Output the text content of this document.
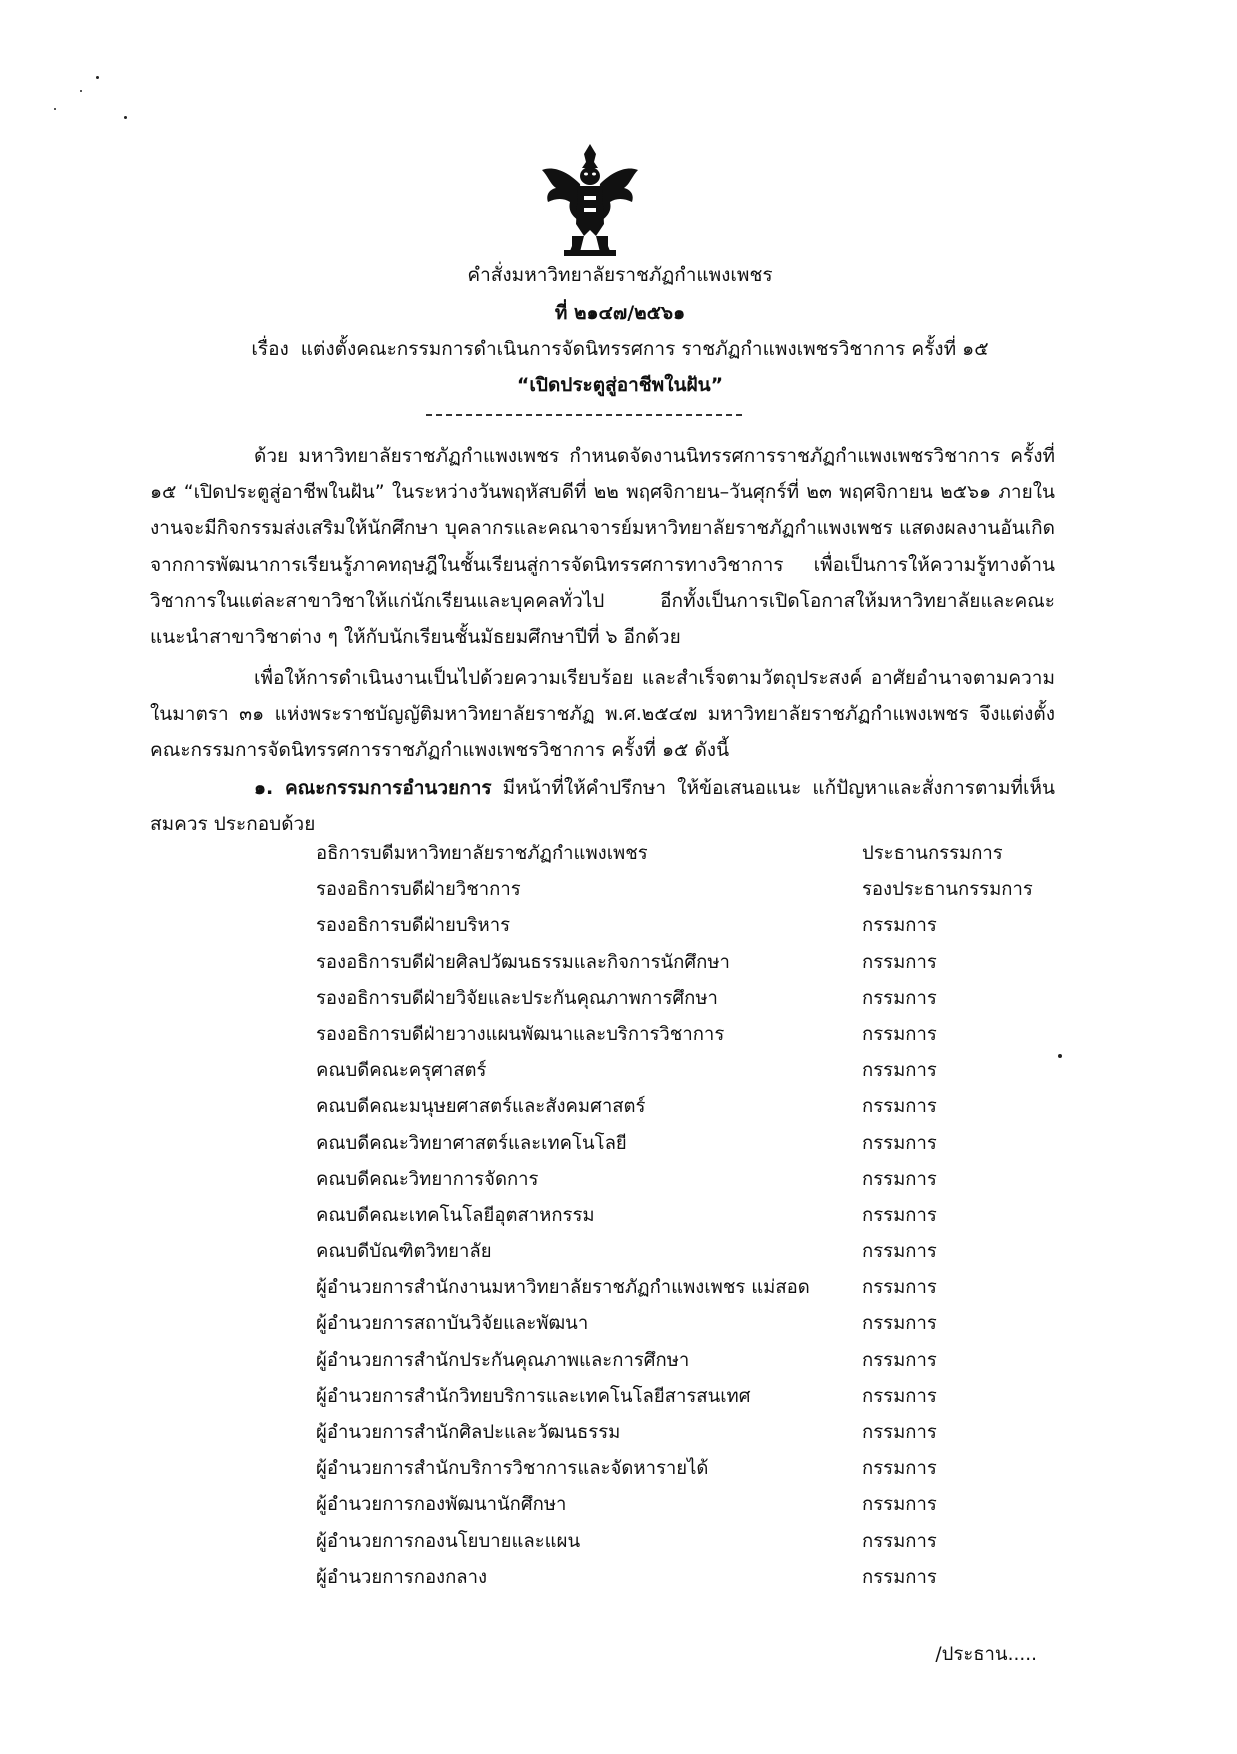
คำสั่งมหาวิทยาลัยราชภัฏกำแพงเพชร
ที่ ๒๑๔๗/๒๕๖๑
เรื่อง แต่งตั้งคณะกรรมการดำเนินการจัดนิทรรศการ ราชภัฏกำแพงเพชรวิชาการ ครั้งที่ ๑๕
“เปิดประตูสู่อาชีพในฝัน”

ด้วย มหาวิทยาลัยราชภัฏกำแพงเพชร กำหนดจัดงานนิทรรศการราชภัฏกำแพงเพชรวิชาการ ครั้งที่ ๑๕ “เปิดประตูสู่อาชีพในฝัน” ในระหว่างวันพฤหัสบดีที่ ๒๒ พฤศจิกายน–วันศุกร์ที่ ๒๓ พฤศจิกายน ๒๕๖๑ ภายในงานจะมีกิจกรรมส่งเสริมให้นักศึกษา บุคลากรและคณาจารย์มหาวิทยาลัยราชภัฏกำแพงเพชร แสดงผลงานอันเกิดจากการพัฒนาการเรียนรู้ภาคทฤษฎีในชั้นเรียนสู่การจัดนิทรรศการทางวิชาการ เพื่อเป็นการให้ความรู้ทางด้านวิชาการในแต่ละสาขาวิชาให้แก่นักเรียนและบุคคลทั่วไป อีกทั้งเป็นการเปิดโอกาสให้มหาวิทยาลัยและคณะแนะนำสาขาวิชาต่าง ๆ ให้กับนักเรียนชั้นมัธยมศึกษาปีที่ ๖ อีกด้วย

เพื่อให้การดำเนินงานเป็นไปด้วยความเรียบร้อย และสำเร็จตามวัตถุประสงค์ อาศัยอำนาจตามความในมาตรา ๓๑ แห่งพระราชบัญญัติมหาวิทยาลัยราชภัฏ พ.ศ.๒๕๔๗ มหาวิทยาลัยราชภัฏกำแพงเพชร จึงแต่งตั้งคณะกรรมการจัดนิทรรศการราชภัฏกำแพงเพชรวิชาการ ครั้งที่ ๑๕ ดังนี้

๑. คณะกรรมการอำนวยการ มีหน้าที่ให้คำปรึกษา ให้ข้อเสนอแนะ แก้ปัญหาและสั่งการตามที่เห็นสมควร ประกอบด้วย

อธิการบดีมหาวิทยาลัยราชภัฏกำแพงเพชร	ประธานกรรมการ
รองอธิการบดีฝ่ายวิชาการ	รองประธานกรรมการ
รองอธิการบดีฝ่ายบริหาร	กรรมการ
รองอธิการบดีฝ่ายศิลปวัฒนธรรมและกิจการนักศึกษา	กรรมการ
รองอธิการบดีฝ่ายวิจัยและประกันคุณภาพการศึกษา	กรรมการ
รองอธิการบดีฝ่ายวางแผนพัฒนาและบริการวิชาการ	กรรมการ
คณบดีคณะครุศาสตร์	กรรมการ
คณบดีคณะมนุษยศาสตร์และสังคมศาสตร์	กรรมการ
คณบดีคณะวิทยาศาสตร์และเทคโนโลยี	กรรมการ
คณบดีคณะวิทยาการจัดการ	กรรมการ
คณบดีคณะเทคโนโลยีอุตสาหกรรม	กรรมการ
คณบดีบัณฑิตวิทยาลัย	กรรมการ
ผู้อำนวยการสำนักงานมหาวิทยาลัยราชภัฏกำแพงเพชร แม่สอด	กรรมการ
ผู้อำนวยการสถาบันวิจัยและพัฒนา	กรรมการ
ผู้อำนวยการสำนักประกันคุณภาพและการศึกษา	กรรมการ
ผู้อำนวยการสำนักวิทยบริการและเทคโนโลยีสารสนเทศ	กรรมการ
ผู้อำนวยการสำนักศิลปะและวัฒนธรรม	กรรมการ
ผู้อำนวยการสำนักบริการวิชาการและจัดหารายได้	กรรมการ
ผู้อำนวยการกองพัฒนานักศึกษา	กรรมการ
ผู้อำนวยการกองนโยบายและแผน	กรรมการ
ผู้อำนวยการกองกลาง	กรรมการ
/ประธาน.....
